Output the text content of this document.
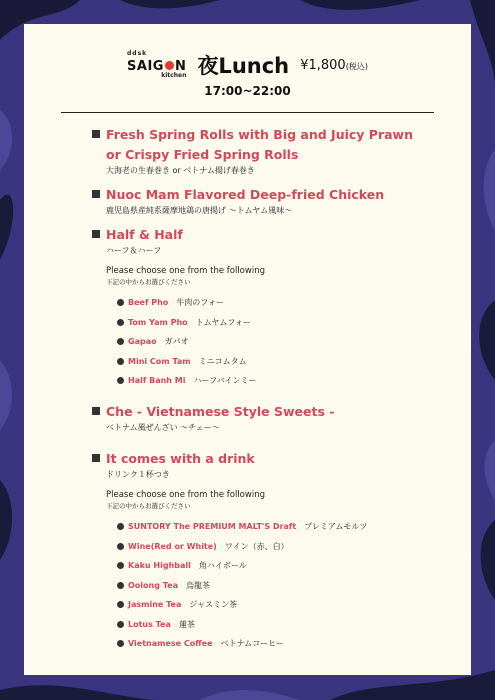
ddsk
SAIG N
kitchen 夜Lunch ¥1,800(税込)
17:00~22:00
Fresh Spring Rolls with Big and Juicy Prawn
or Crispy Fried Spring Rolls
大海老の生春巻き or ベトナム揚げ春巻き
Nuoc Mam Flavored Deep-fried Chicken
鹿児島県産純系薩摩地鶏の唐揚げ 〜トムヤム風味〜
Half & Half
ハーフ＆ハーフ
Please choose one from the following
下記の中からお選びください
Beef Pho 牛肉のフォー
Tom Yam Pho トムヤムフォー
Gapao ガパオ
Mini Com Tam ミニコムタム
Half Banh Mi ハーフバインミー
Che - Vietnamese Style Sweets -
ベトナム風ぜんざい 〜チェー〜
It comes with a drink
ドリンク１杯つき
Please choose one from the following
下記の中からお選びください
SUNTORY The PREMIUM MALT'S Draft プレミアムモルツ
Wine(Red or White) ワイン（赤、白）
Kaku Highball 角ハイボール
Oolong Tea 烏龍茶
Jasmine Tea ジャスミン茶
Lotus Tea 蓮茶
Vietnamese Coffee ベトナムコーヒー
